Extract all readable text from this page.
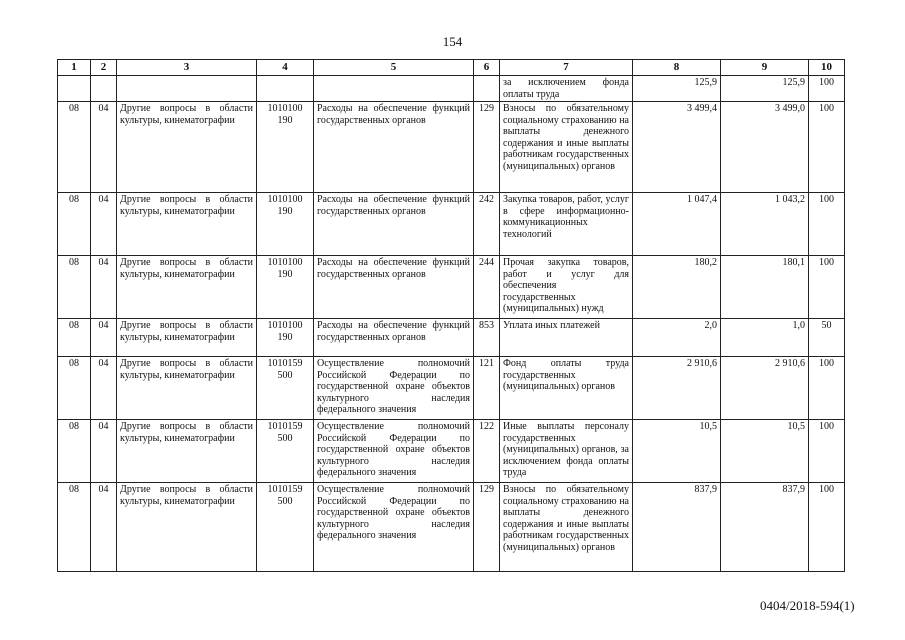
154
1	2	3	4	5	6	7	8	9	10
						за исключением фонда оплаты труда	125,9	125,9	100
08	04	Другие вопросы в области культуры, кинематографии	1010100 190	Расходы на обеспечение функций государственных органов	129	Взносы по обязательному социальному страхованию на выплаты денежного содержания и иные выплаты работникам государственных (муниципальных) органов	3 499,4	3 499,0	100
08	04	Другие вопросы в области культуры, кинематографии	1010100 190	Расходы на обеспечение функций государственных органов	242	Закупка товаров, работ, услуг в сфере информационно-коммуникационных технологий	1 047,4	1 043,2	100
08	04	Другие вопросы в области культуры, кинематографии	1010100 190	Расходы на обеспечение функций государственных органов	244	Прочая закупка товаров, работ и услуг для обеспечения государственных (муниципальных) нужд	180,2	180,1	100
08	04	Другие вопросы в области культуры, кинематографии	1010100 190	Расходы на обеспечение функций государственных органов	853	Уплата иных платежей	2,0	1,0	50
08	04	Другие вопросы в области культуры, кинематографии	1010159 500	Осуществление полномочий Российской Федерации по государственной охране объектов культурного наследия федерального значения	121	Фонд оплаты труда государственных (муниципальных) органов	2 910,6	2 910,6	100
08	04	Другие вопросы в области культуры, кинематографии	1010159 500	Осуществление полномочий Российской Федерации по государственной охране объектов культурного наследия федерального значения	122	Иные выплаты персоналу государственных (муниципальных) органов, за исключением фонда оплаты труда	10,5	10,5	100
08	04	Другие вопросы в области культуры, кинематографии	1010159 500	Осуществление полномочий Российской Федерации по государственной охране объектов культурного наследия федерального значения	129	Взносы по обязательному социальному страхованию на выплаты денежного содержания и иные выплаты работникам государственных (муниципальных) органов	837,9	837,9	100
0404/2018-594(1)
